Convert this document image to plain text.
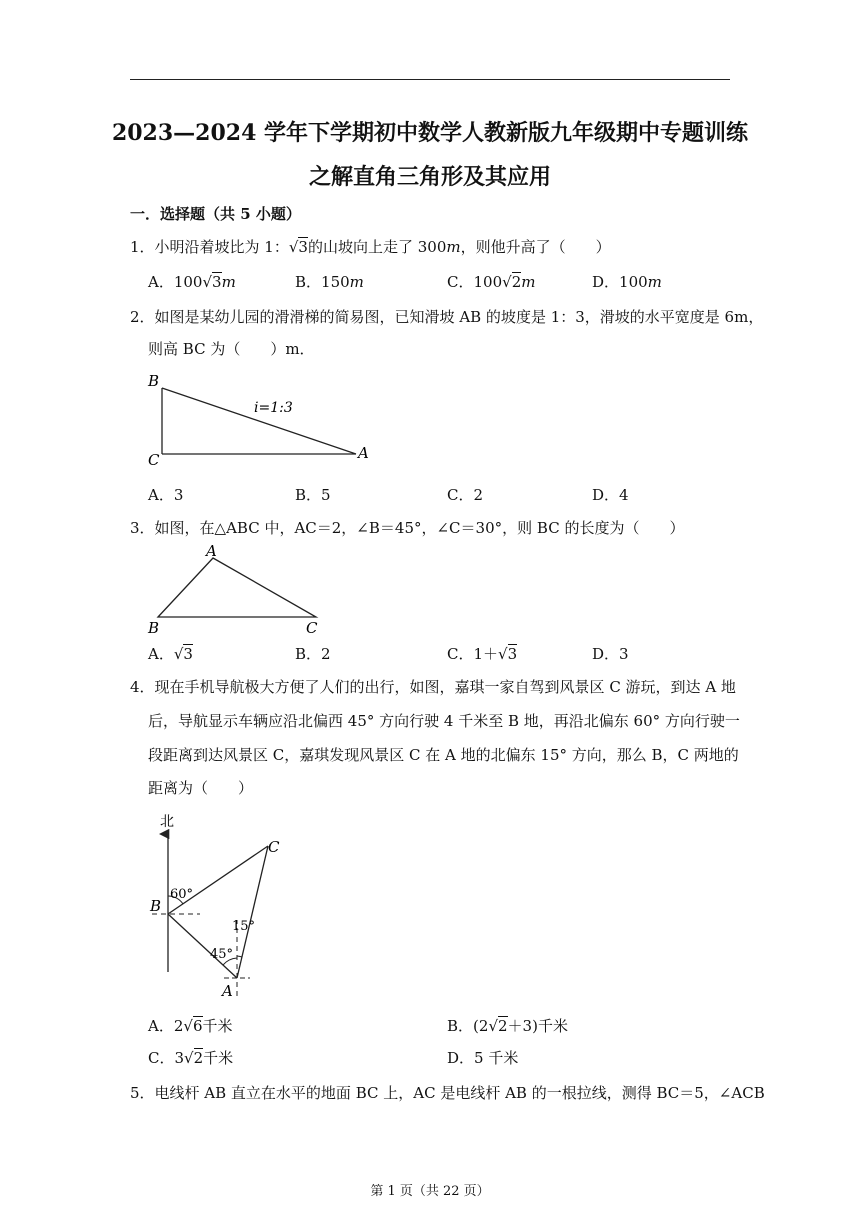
2023—2024 学年下学期初中数学人教新版九年级期中专题训练
之解直角三角形及其应用
一．选择题（共 5 小题）
1．小明沿着坡比为 1：√3的山坡向上走了 300m，则他升高了（　　）
A．100√3m	B．150m	C．100√2m	D．100m
2．如图是某幼儿园的滑滑梯的简易图，已知滑坡 AB 的坡度是 1：3，滑坡的水平宽度是 6m，
则高 BC 为（　　）m．
B
C	A
i=1:3
A．3	B．5	C．2	D．4
3．如图，在△ABC 中，AC＝2，∠B＝45°，∠C＝30°，则 BC 的长度为（　　）
A
B	C
A．√3	B．2	C．1＋√3	D．3
4．现在手机导航极大方便了人们的出行，如图，嘉琪一家自驾到风景区 C 游玩，到达 A 地
后，导航显示车辆应沿北偏西 45° 方向行驶 4 千米至 B 地，再沿北偏东 60° 方向行驶一
段距离到达风景区 C，嘉琪发现风景区 C 在 A 地的北偏东 15° 方向，那么 B，C 两地的
距离为（　　）
北
C
B
A
60°
15°
45°
A．2√6千米	B．(2√2＋3)千米
C．3√2千米	D．5 千米
5．电线杆 AB 直立在水平的地面 BC 上，AC 是电线杆 AB 的一根拉线，测得 BC＝5，∠ACB
第 1 页（共 22 页）
